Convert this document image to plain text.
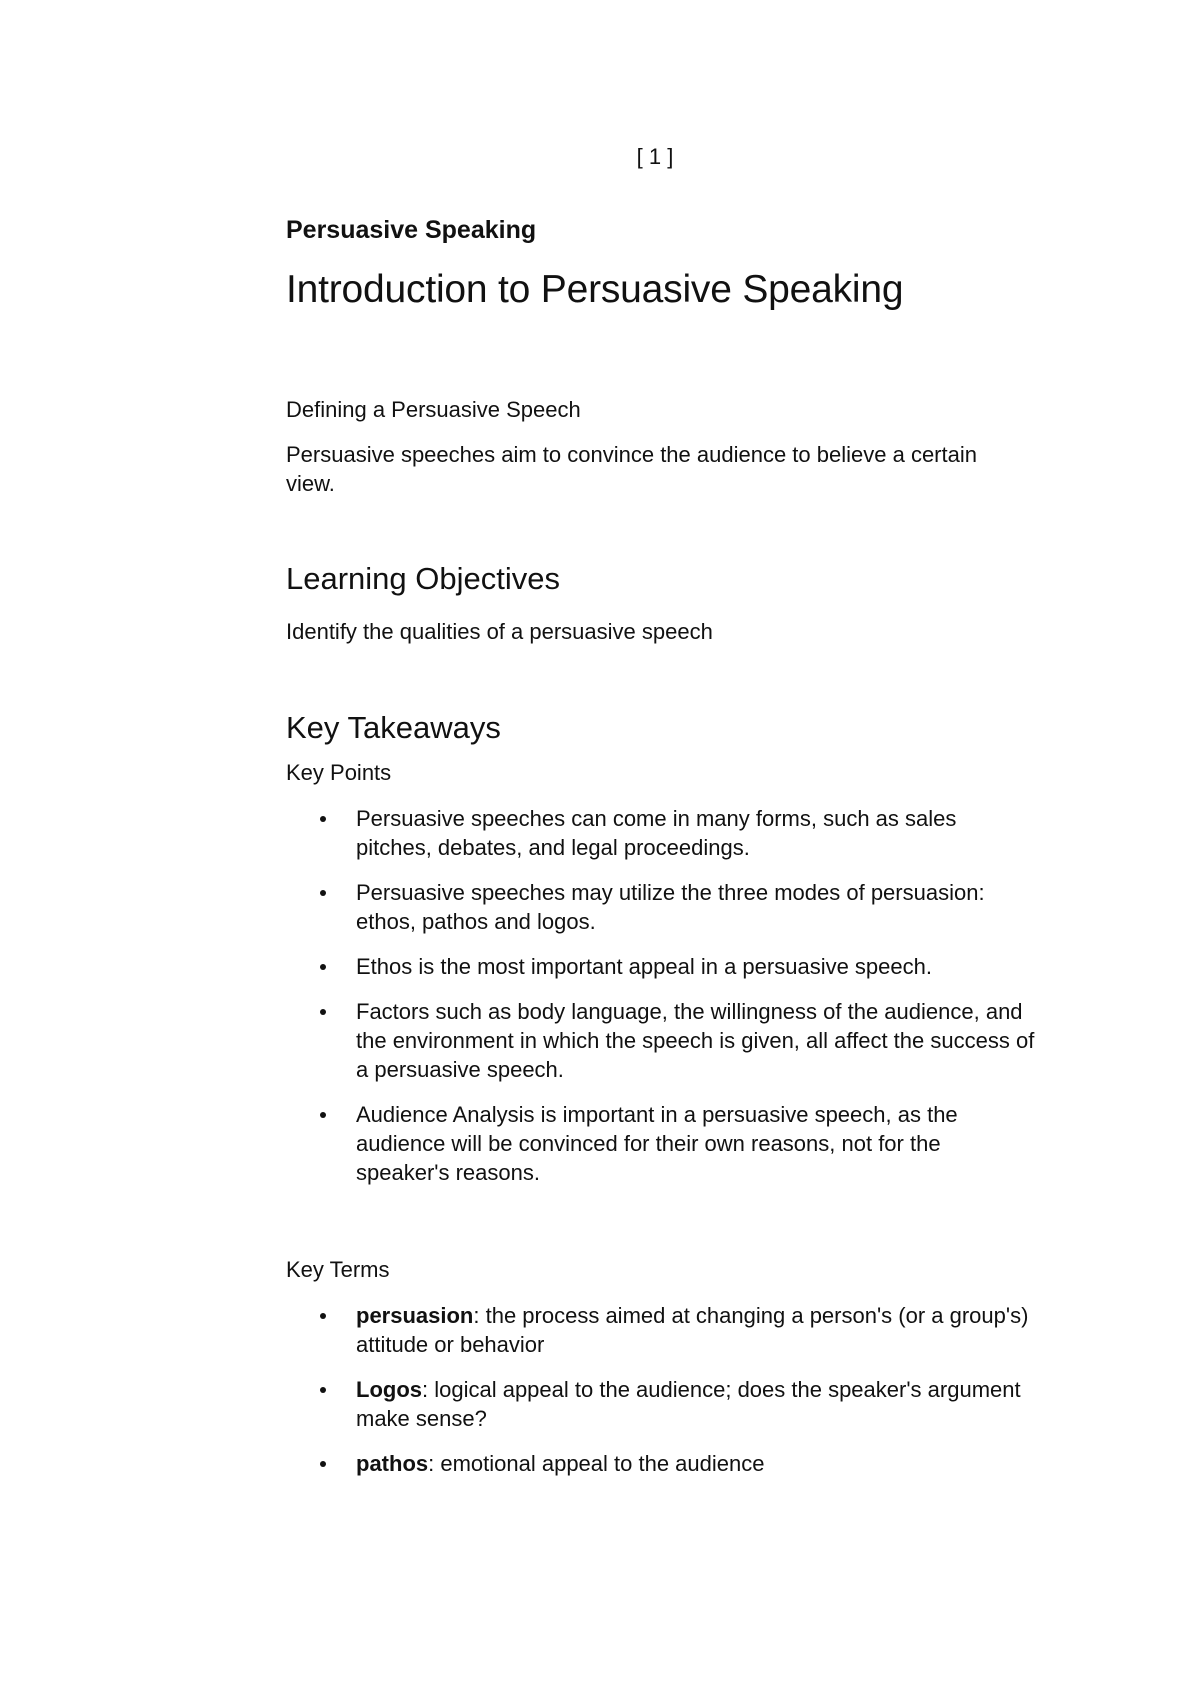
[ 1 ]
Persuasive Speaking
Introduction to Persuasive Speaking
Defining a Persuasive Speech

Persuasive speeches aim to convince the audience to believe a certain view.

Learning Objectives

Identify the qualities of a persuasive speech

Key Takeaways
Key Points
Persuasive speeches can come in many forms, such as sales pitches, debates, and legal proceedings.
Persuasive speeches may utilize the three modes of persuasion: ethos, pathos and logos.
Ethos is the most important appeal in a persuasive speech.
Factors such as body language, the willingness of the audience, and the environment in which the speech is given, all affect the success of a persuasive speech.
Audience Analysis is important in a persuasive speech, as the audience will be convinced for their own reasons, not for the speaker's reasons.
Key Terms
persuasion: the process aimed at changing a person's (or a group's) attitude or behavior
Logos: logical appeal to the audience; does the speaker's argument make sense?
pathos: emotional appeal to the audience
